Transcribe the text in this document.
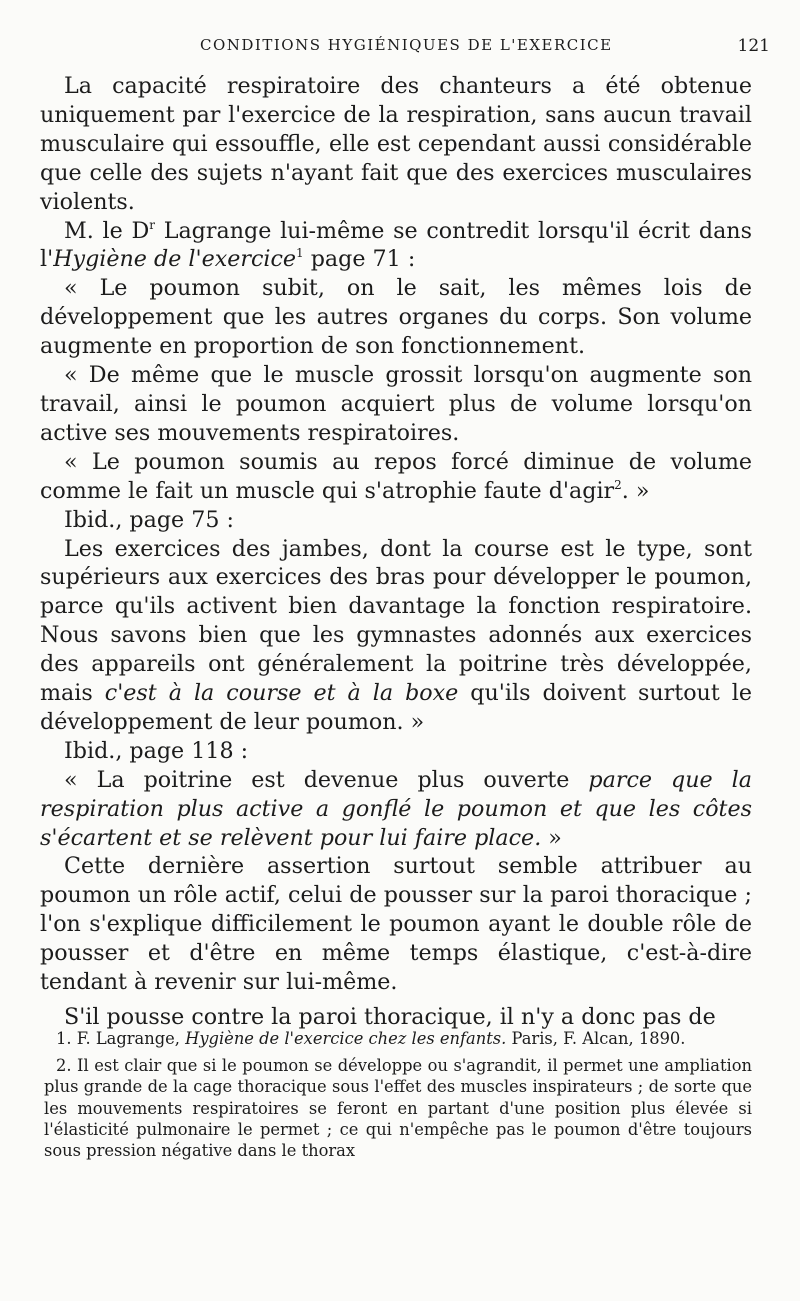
CONDITIONS HYGIÉNIQUES DE L'EXERCICE	121

La capacité respiratoire des chanteurs a été obtenue uniquement par l'exercice de la respiration, sans aucun travail musculaire qui essouffle, elle est cependant aussi considérable que celle des sujets n'ayant fait que des exercices musculaires violents.

M. le $D^r$ Lagrange lui-même se contredit lorsqu'il écrit dans l'Hygiène de l'exercice$^1$ page 71 :

« Le poumon subit, on le sait, les mêmes lois de développement que les autres organes du corps. Son volume augmente en proportion de son fonctionnement.

« De même que le muscle grossit lorsqu'on augmente son travail, ainsi le poumon acquiert plus de volume lorsqu'on active ses mouvements respiratoires.

« Le poumon soumis au repos forcé diminue de volume comme le fait un muscle qui s'atrophie faute d'agir$^2$. »

Ibid., page 75 :

Les exercices des jambes, dont la course est le type, sont supérieurs aux exercices des bras pour développer le poumon, parce qu'ils activent bien davantage la fonction respiratoire. Nous savons bien que les gymnastes adonnés aux exercices des appareils ont généralement la poitrine très développée, mais c'est à la course et à la boxe qu'ils doivent surtout le développement de leur poumon. »

Ibid., page 118 :

« La poitrine est devenue plus ouverte parce que la respiration plus active a gonflé le poumon et que les côtes s'écartent et se relèvent pour lui faire place. »

Cette dernière assertion surtout semble attribuer au poumon un rôle actif, celui de pousser sur la paroi thoracique ; l'on s'explique difficilement le poumon ayant le double rôle de pousser et d'être en même temps élastique, c'est-à-dire tendant à revenir sur lui-même.

S'il pousse contre la paroi thoracique, il n'y a donc pas de

1. F. Lagrange, Hygiène de l'exercice chez les enfants. Paris, F. Alcan, 1890.

2. Il est clair que si le poumon se développe ou s'agrandit, il permet une ampliation plus grande de la cage thoracique sous l'effet des muscles inspirateurs ; de sorte que les mouvements respiratoires se feront en partant d'une position plus élevée si l'élasticité pulmonaire le permet ; ce qui n'empêche pas le poumon d'être toujours sous pression négative dans le thorax
